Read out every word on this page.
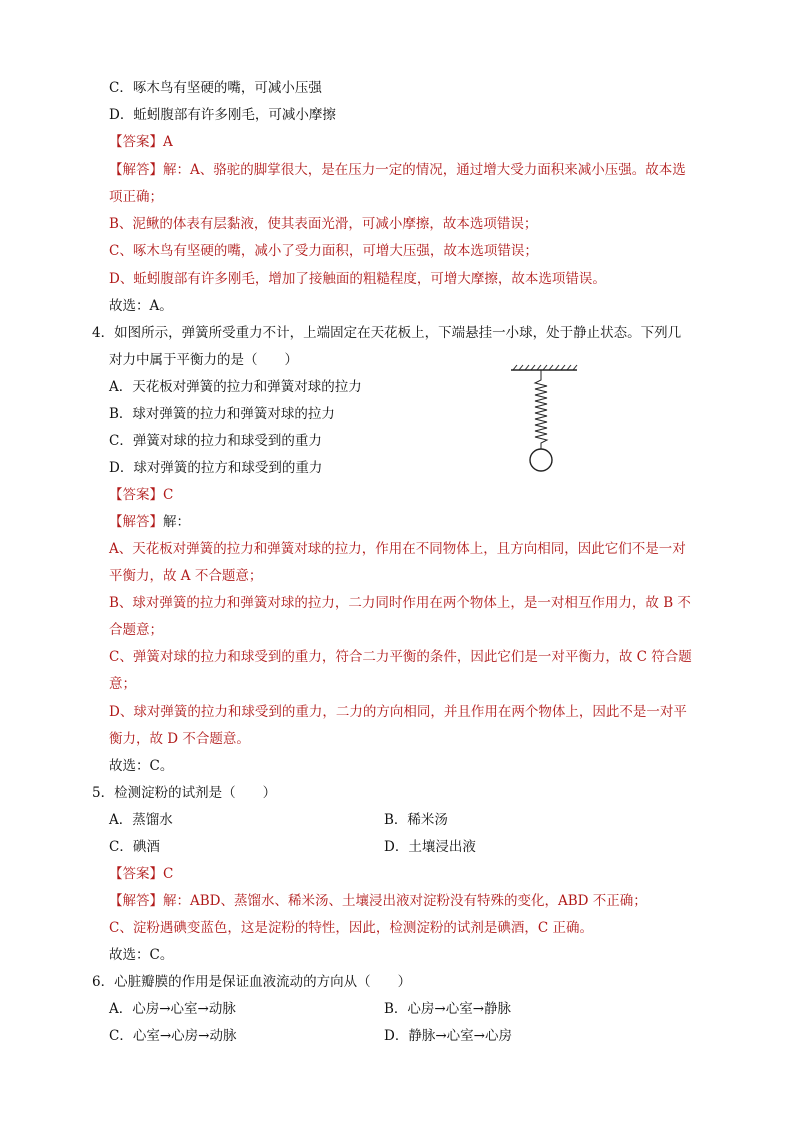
C．啄木鸟有坚硬的嘴，可减小压强
D．蚯蚓腹部有许多刚毛，可减小摩擦
【答案】A
【解答】解：A、骆驼的脚掌很大，是在压力一定的情况，通过增大受力面积来减小压强。故本选
项正确；
B、泥鳅的体表有层黏液，使其表面光滑，可减小摩擦，故本选项错误；
C、啄木鸟有坚硬的嘴，减小了受力面积，可增大压强，故本选项错误；
D、蚯蚓腹部有许多刚毛，增加了接触面的粗糙程度，可增大摩擦，故本选项错误。
故选：A。
4．如图所示，弹簧所受重力不计，上端固定在天花板上，下端悬挂一小球，处于静止状态。下列几
对力中属于平衡力的是（　　）
A．天花板对弹簧的拉力和弹簧对球的拉力
B．球对弹簧的拉力和弹簧对球的拉力
C．弹簧对球的拉力和球受到的重力
D．球对弹簧的拉方和球受到的重力
【答案】C
【解答】解：
A、天花板对弹簧的拉力和弹簧对球的拉力，作用在不同物体上，且方向相同，因此它们不是一对
平衡力，故 A 不合题意；
B、球对弹簧的拉力和弹簧对球的拉力，二力同时作用在两个物体上，是一对相互作用力，故 B 不
合题意；
C、弹簧对球的拉力和球受到的重力，符合二力平衡的条件，因此它们是一对平衡力，故 C 符合题
意；
D、球对弹簧的拉力和球受到的重力，二力的方向相同，并且作用在两个物体上，因此不是一对平
衡力，故 D 不合题意。
故选：C。
5．检测淀粉的试剂是（　　）
A．蒸馏水	B．稀米汤
C．碘酒	D．土壤浸出液
【答案】C
【解答】解：ABD、蒸馏水、稀米汤、土壤浸出液对淀粉没有特殊的变化，ABD 不正确；
C、淀粉遇碘变蓝色，这是淀粉的特性，因此，检测淀粉的试剂是碘酒，C 正确。
故选：C。
6．心脏瓣膜的作用是保证血液流动的方向从（　　）
A．心房→心室→动脉	B．心房→心室→静脉
C．心室→心房→动脉	D．静脉→心室→心房
